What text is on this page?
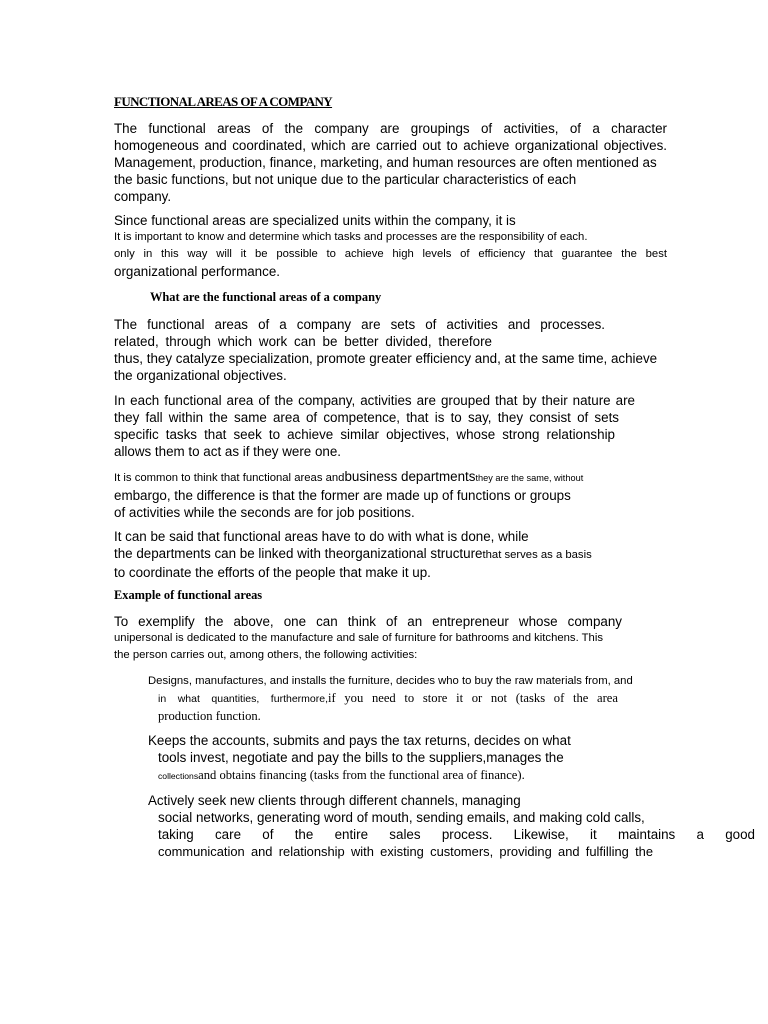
FUNCTIONAL AREAS OF A COMPANY
The functional areas of the company are groupings of activities, of a character
homogeneous and coordinated, which are carried out to achieve organizational objectives.
Management, production, finance, marketing, and human resources are often mentioned as
the basic functions, but not unique due to the particular characteristics of each
company.
Since functional areas are specialized units within the company, it is
It is important to know and determine which tasks and processes are the responsibility of each.
only in this way will it be possible to achieve high levels of efficiency that guarantee the best
organizational performance.
What are the functional areas of a company
The functional areas of a company are sets of activities and processes.
related, through which work can be better divided, therefore
thus, they catalyze specialization, promote greater efficiency and, at the same time, achieve
the organizational objectives.
In each functional area of the company, activities are grouped that by their nature are
they fall within the same area of competence, that is to say, they consist of sets
specific tasks that seek to achieve similar objectives, whose strong relationship
allows them to act as if they were one.
It is common to think that functional areas andbusiness departmentsthey are the same, without
embargo, the difference is that the former are made up of functions or groups
of activities while the seconds are for job positions.
It can be said that functional areas have to do with what is done, while
the departments can be linked with theorganizational structurethat serves as a basis
to coordinate the efforts of the people that make it up.
Example of functional areas
To exemplify the above, one can think of an entrepreneur whose company
unipersonal is dedicated to the manufacture and sale of furniture for bathrooms and kitchens. This
the person carries out, among others, the following activities:
Designs, manufactures, and installs the furniture, decides who to buy the raw materials from, and
in what quantities, furthermore,if you need to store it or not (tasks of the area
production function.
Keeps the accounts, submits and pays the tax returns, decides on what
tools invest, negotiate and pay the bills to the suppliers,manages the
collectionsand obtains financing (tasks from the functional area of finance).
Actively seek new clients through different channels, managing
social networks, generating word of mouth, sending emails, and making cold calls,
taking care of the entire sales process. Likewise, it maintains a good
communication and relationship with existing customers, providing and fulfilling the
